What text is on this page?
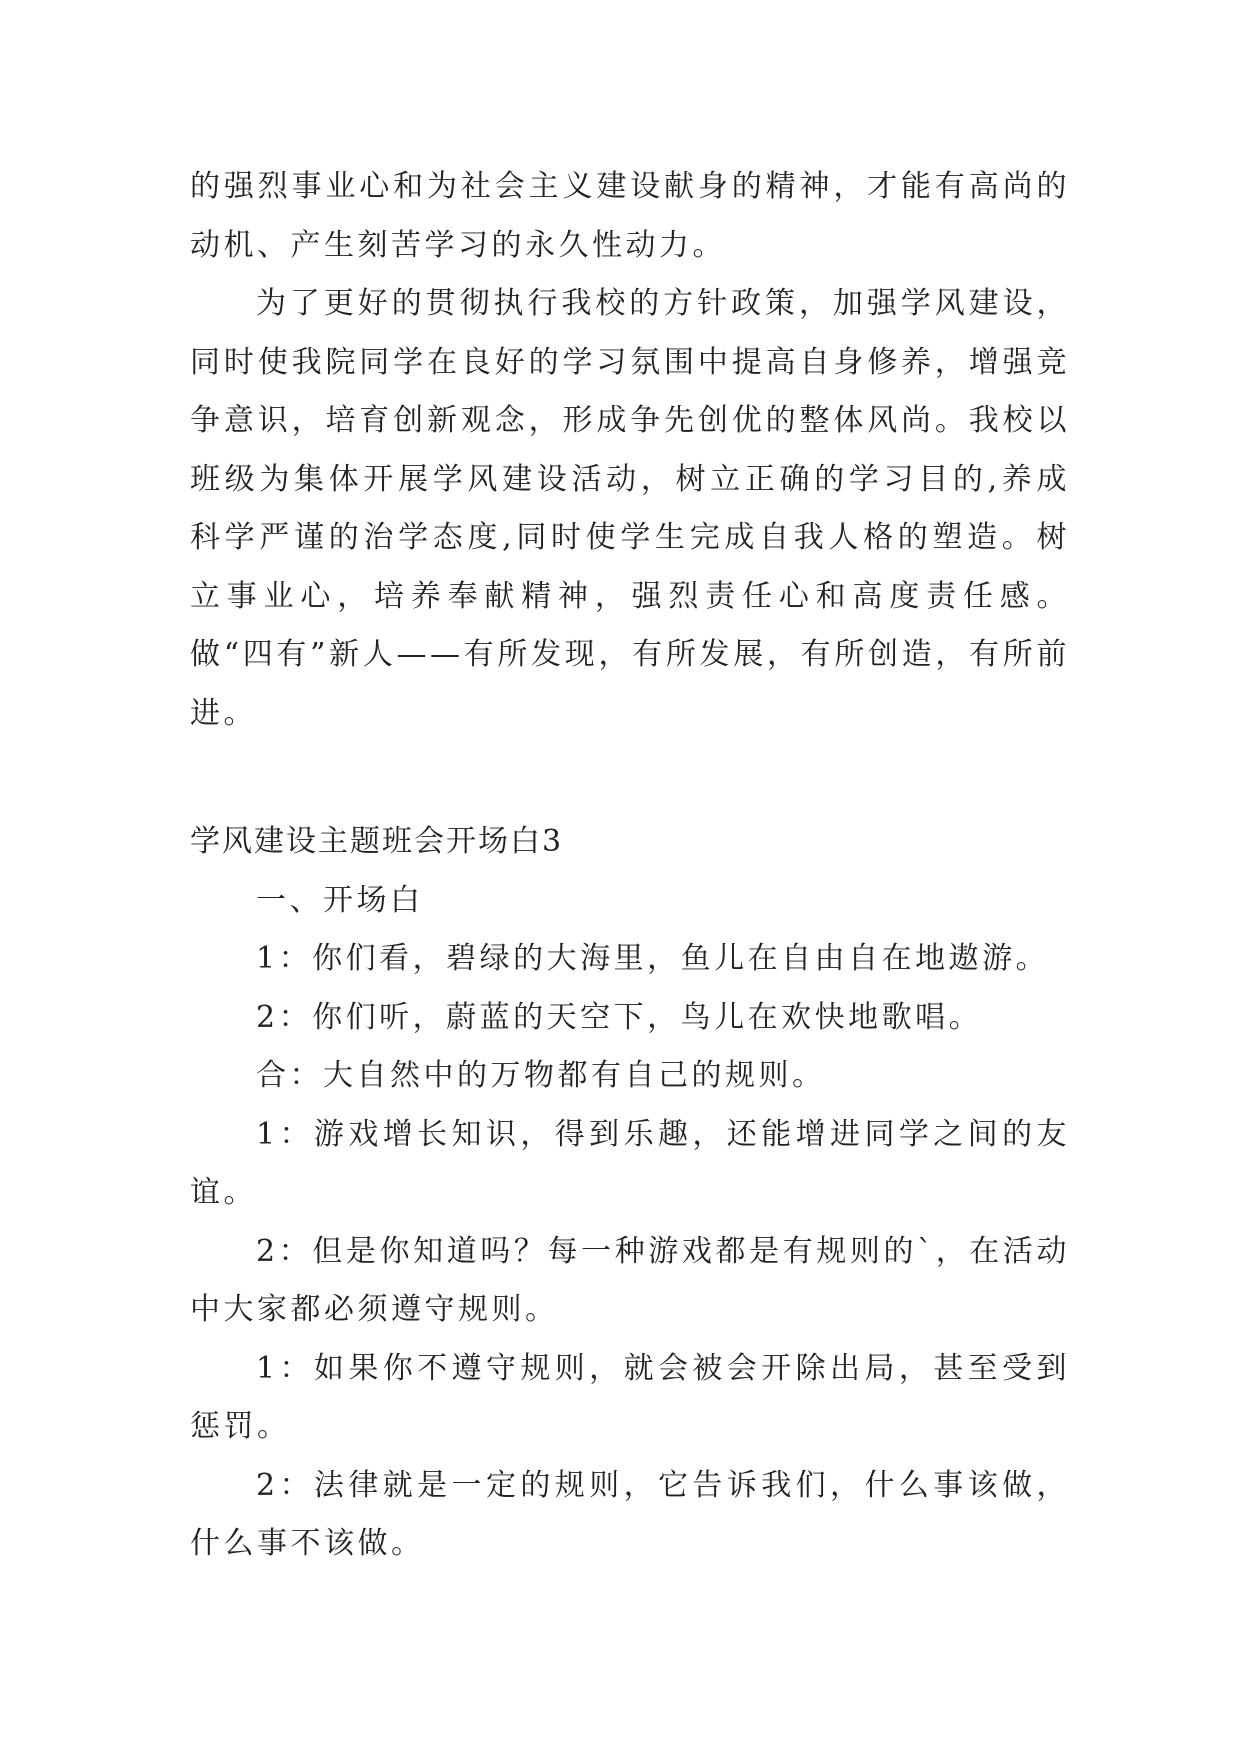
的强烈事业心和为社会主义建设献身的精神，才能有高尚的动机、产生刻苦学习的永久性动力。

为了更好的贯彻执行我校的方针政策，加强学风建设，同时使我院同学在良好的学习氛围中提高自身修养，增强竞争意识，培育创新观念，形成争先创优的整体风尚。我校以班级为集体开展学风建设活动，树立正确的学习目的,养成科学严谨的治学态度,同时使学生完成自我人格的塑造。树立事业心，培养奉献精神，强烈责任心和高度责任感。做“四有”新人——有所发现，有所发展，有所创造，有所前进。

学风建设主题班会开场白3

一、开场白

1：你们看，碧绿的大海里，鱼儿在自由自在地遨游。

2：你们听，蔚蓝的天空下，鸟儿在欢快地歌唱。

合：大自然中的万物都有自己的规则。

1：游戏增长知识，得到乐趣，还能增进同学之间的友谊。

2：但是你知道吗？每一种游戏都是有规则的`，在活动中大家都必须遵守规则。

1：如果你不遵守规则，就会被会开除出局，甚至受到惩罚。

2：法律就是一定的规则，它告诉我们，什么事该做，什么事不该做。
